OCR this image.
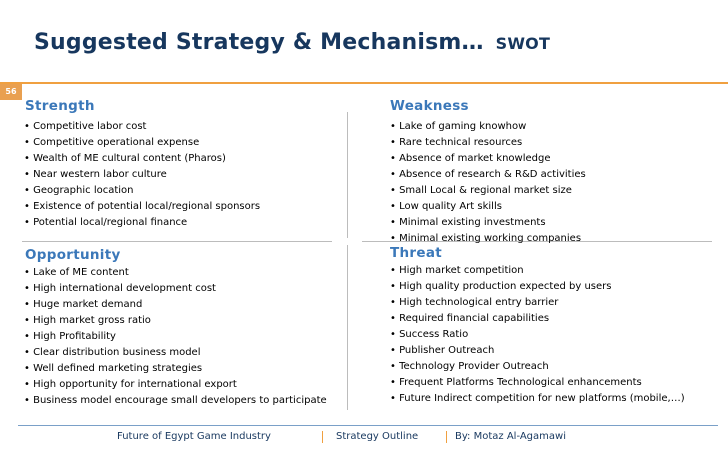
Suggested Strategy & Mechanism… SWOT
56
Strength
• Competitive labor cost
• Competitive operational expense
• Wealth of ME cultural content (Pharos)
• Near western labor culture
• Geographic location
• Existence of potential local/regional sponsors
• Potential local/regional finance
Weakness
• Lake of gaming knowhow
• Rare technical resources
• Absence of market knowledge
• Absence of research & R&D activities
• Small Local & regional market size
• Low quality Art skills
• Minimal existing investments
• Minimal existing working companies
Opportunity
• Lake of ME content
• High international development cost
• Huge market demand
• High market gross ratio
• High Profitability
• Clear distribution business model
• Well defined marketing strategies
• High opportunity for international export
• Business model encourage small developers to participate
Threat
• High market competition
• High quality production expected by users
• High technological entry barrier
• Required financial capabilities
• Success Ratio
• Publisher Outreach
• Technology Provider Outreach
• Frequent Platforms Technological enhancements
• Future Indirect competition for new platforms (mobile,…)
Future of Egypt Game Industry	Strategy Outline	By: Motaz Al-Agamawi
